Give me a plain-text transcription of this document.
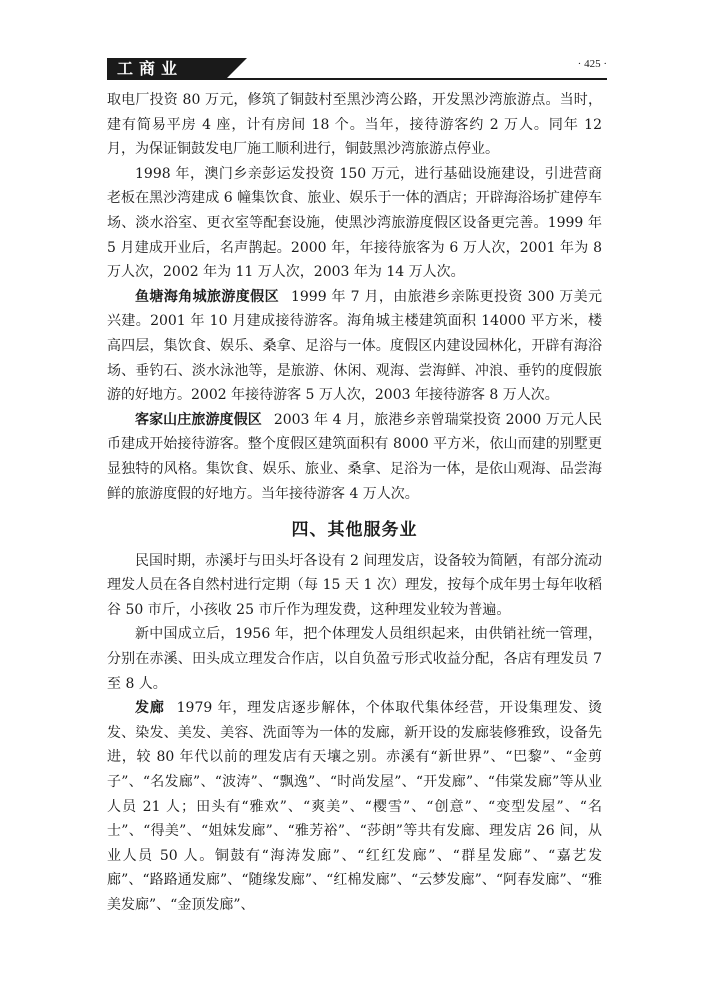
工商业	· 425 ·

取电厂投资 80 万元，修筑了铜鼓村至黑沙湾公路，开发黑沙湾旅游点。当时，建有简易平房 4 座，计有房间 18 个。当年，接待游客约 2 万人。同年 12 月，为保证铜鼓发电厂施工顺利进行，铜鼓黑沙湾旅游点停业。

1998 年，澳门乡亲彭运发投资 150 万元，进行基础设施建设，引进营商老板在黑沙湾建成 6 幢集饮食、旅业、娱乐于一体的酒店；开辟海浴场扩建停车场、淡水浴室、更衣室等配套设施，使黑沙湾旅游度假区设备更完善。1999 年 5 月建成开业后，名声鹊起。2000 年，年接待旅客为 6 万人次，2001 年为 8 万人次，2002 年为 11 万人次，2003 年为 14 万人次。

鱼塘海角城旅游度假区 1999 年 7 月，由旅港乡亲陈更投资 300 万美元兴建。2001 年 10 月建成接待游客。海角城主楼建筑面积 14000 平方米，楼高四层，集饮食、娱乐、桑拿、足浴与一体。度假区内建设园林化，开辟有海浴场、垂钓石、淡水泳池等，是旅游、休闲、观海、尝海鲜、冲浪、垂钓的度假旅游的好地方。2002 年接待游客 5 万人次，2003 年接待游客 8 万人次。

客家山庄旅游度假区 2003 年 4 月，旅港乡亲曾瑞棠投资 2000 万元人民币建成开始接待游客。整个度假区建筑面积有 8000 平方米，依山而建的别墅更显独特的风格。集饮食、娱乐、旅业、桑拿、足浴为一体，是依山观海、品尝海鲜的旅游度假的好地方。当年接待游客 4 万人次。

四、其他服务业

民国时期，赤溪圩与田头圩各设有 2 间理发店，设备较为简陋，有部分流动理发人员在各自然村进行定期（每 15 天 1 次）理发，按每个成年男士每年收稻谷 50 市斤，小孩收 25 市斤作为理发费，这种理发业较为普遍。

新中国成立后，1956 年，把个体理发人员组织起来，由供销社统一管理，分别在赤溪、田头成立理发合作店，以自负盈亏形式收益分配，各店有理发员 7 至 8 人。

发廊 1979 年，理发店逐步解体，个体取代集体经营，开设集理发、烫发、染发、美发、美容、洗面等为一体的发廊，新开设的发廊装修雅致，设备先进，较 80 年代以前的理发店有天壤之别。赤溪有“新世界”、“巴黎”、“金剪子”、“名发廊”、“波涛”、“飘逸”、“时尚发屋”、“开发廊”、“伟棠发廊”等从业人员 21 人；田头有“雅欢”、“爽美”、“樱雪”、“创意”、“变型发屋”、“名士”、“得美”、“姐妹发廊”、“雅芳裕”、“莎朗”等共有发廊、理发店 26 间，从业人员 50 人。铜鼓有“海涛发廊”、“红红发廊”、“群星发廊”、“嘉艺发廊”、“路路通发廊”、“随缘发廊”、“红棉发廊”、“云梦发廊”、“阿春发廊”、“雅美发廊”、“金顶发廊”、
